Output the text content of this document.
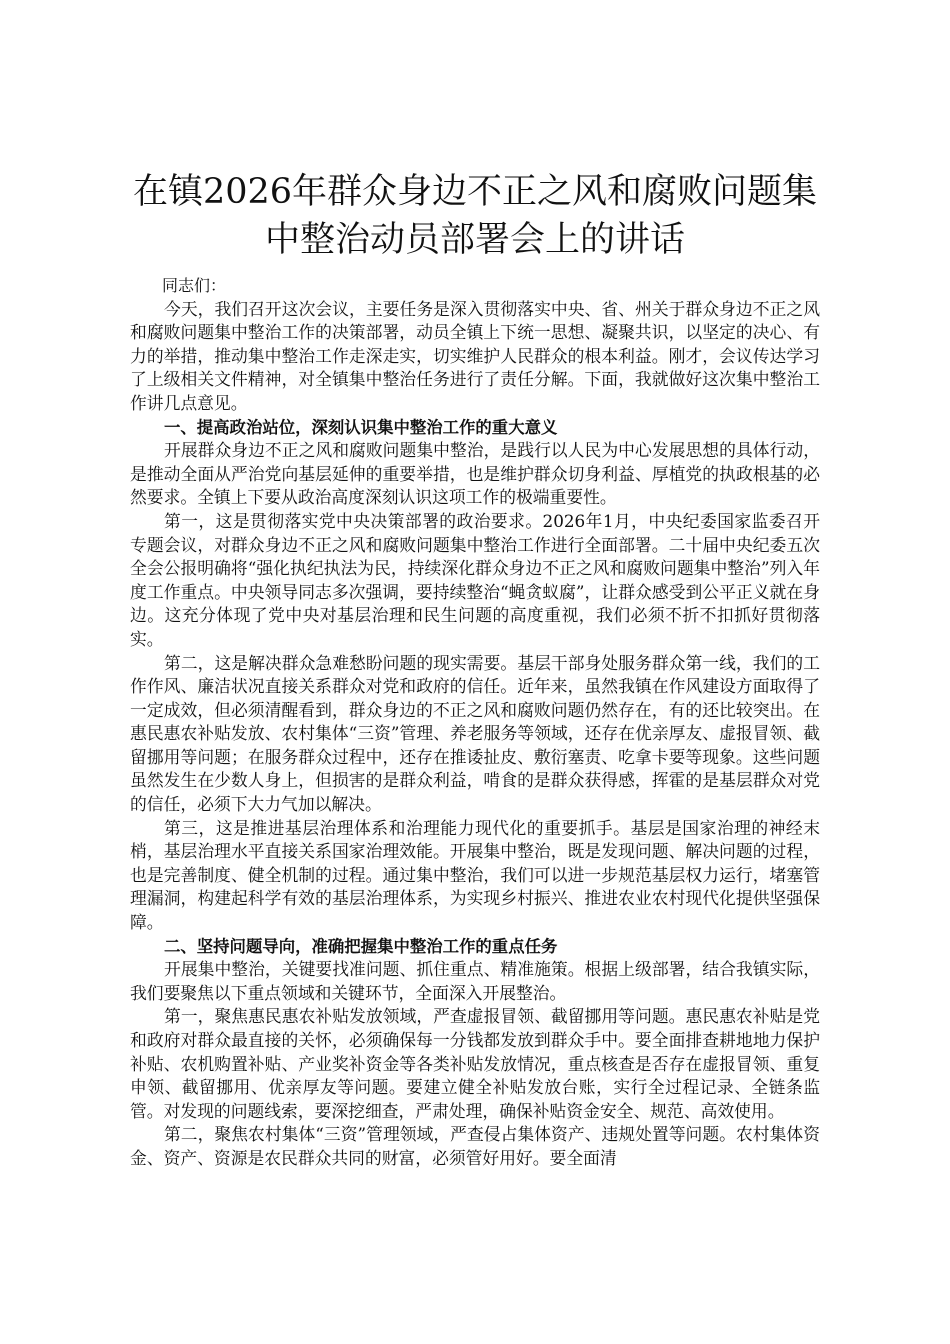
在镇2026年群众身边不正之风和腐败问题集
中整治动员部署会上的讲话

同志们：

今天，我们召开这次会议，主要任务是深入贯彻落实中央、省、州关于群众身边不正之风和腐败问题集中整治工作的决策部署，动员全镇上下统一思想、凝聚共识，以坚定的决心、有力的举措，推动集中整治工作走深走实，切实维护人民群众的根本利益。刚才，会议传达学习了上级相关文件精神，对全镇集中整治任务进行了责任分解。下面，我就做好这次集中整治工作讲几点意见。

一、提高政治站位，深刻认识集中整治工作的重大意义

开展群众身边不正之风和腐败问题集中整治，是践行以人民为中心发展思想的具体行动，是推动全面从严治党向基层延伸的重要举措，也是维护群众切身利益、厚植党的执政根基的必然要求。全镇上下要从政治高度深刻认识这项工作的极端重要性。

第一，这是贯彻落实党中央决策部署的政治要求。2026年1月，中央纪委国家监委召开专题会议，对群众身边不正之风和腐败问题集中整治工作进行全面部署。二十届中央纪委五次全会公报明确将“强化执纪执法为民，持续深化群众身边不正之风和腐败问题集中整治”列入年度工作重点。中央领导同志多次强调，要持续整治“蝇贪蚁腐”，让群众感受到公平正义就在身边。这充分体现了党中央对基层治理和民生问题的高度重视，我们必须不折不扣抓好贯彻落实。

第二，这是解决群众急难愁盼问题的现实需要。基层干部身处服务群众第一线，我们的工作作风、廉洁状况直接关系群众对党和政府的信任。近年来，虽然我镇在作风建设方面取得了一定成效，但必须清醒看到，群众身边的不正之风和腐败问题仍然存在，有的还比较突出。在惠民惠农补贴发放、农村集体“三资”管理、养老服务等领域，还存在优亲厚友、虚报冒领、截留挪用等问题；在服务群众过程中，还存在推诿扯皮、敷衍塞责、吃拿卡要等现象。这些问题虽然发生在少数人身上，但损害的是群众利益，啃食的是群众获得感，挥霍的是基层群众对党的信任，必须下大力气加以解决。

第三，这是推进基层治理体系和治理能力现代化的重要抓手。基层是国家治理的神经末梢，基层治理水平直接关系国家治理效能。开展集中整治，既是发现问题、解决问题的过程，也是完善制度、健全机制的过程。通过集中整治，我们可以进一步规范基层权力运行，堵塞管理漏洞，构建起科学有效的基层治理体系，为实现乡村振兴、推进农业农村现代化提供坚强保障。

二、坚持问题导向，准确把握集中整治工作的重点任务

开展集中整治，关键要找准问题、抓住重点、精准施策。根据上级部署，结合我镇实际，我们要聚焦以下重点领域和关键环节，全面深入开展整治。

第一，聚焦惠民惠农补贴发放领域，严查虚报冒领、截留挪用等问题。惠民惠农补贴是党和政府对群众最直接的关怀，必须确保每一分钱都发放到群众手中。要全面排查耕地地力保护补贴、农机购置补贴、产业奖补资金等各类补贴发放情况，重点核查是否存在虚报冒领、重复申领、截留挪用、优亲厚友等问题。要建立健全补贴发放台账，实行全过程记录、全链条监管。对发现的问题线索，要深挖细查，严肃处理，确保补贴资金安全、规范、高效使用。

第二，聚焦农村集体“三资”管理领域，严查侵占集体资产、违规处置等问题。农村集体资金、资产、资源是农民群众共同的财富，必须管好用好。要全面清
